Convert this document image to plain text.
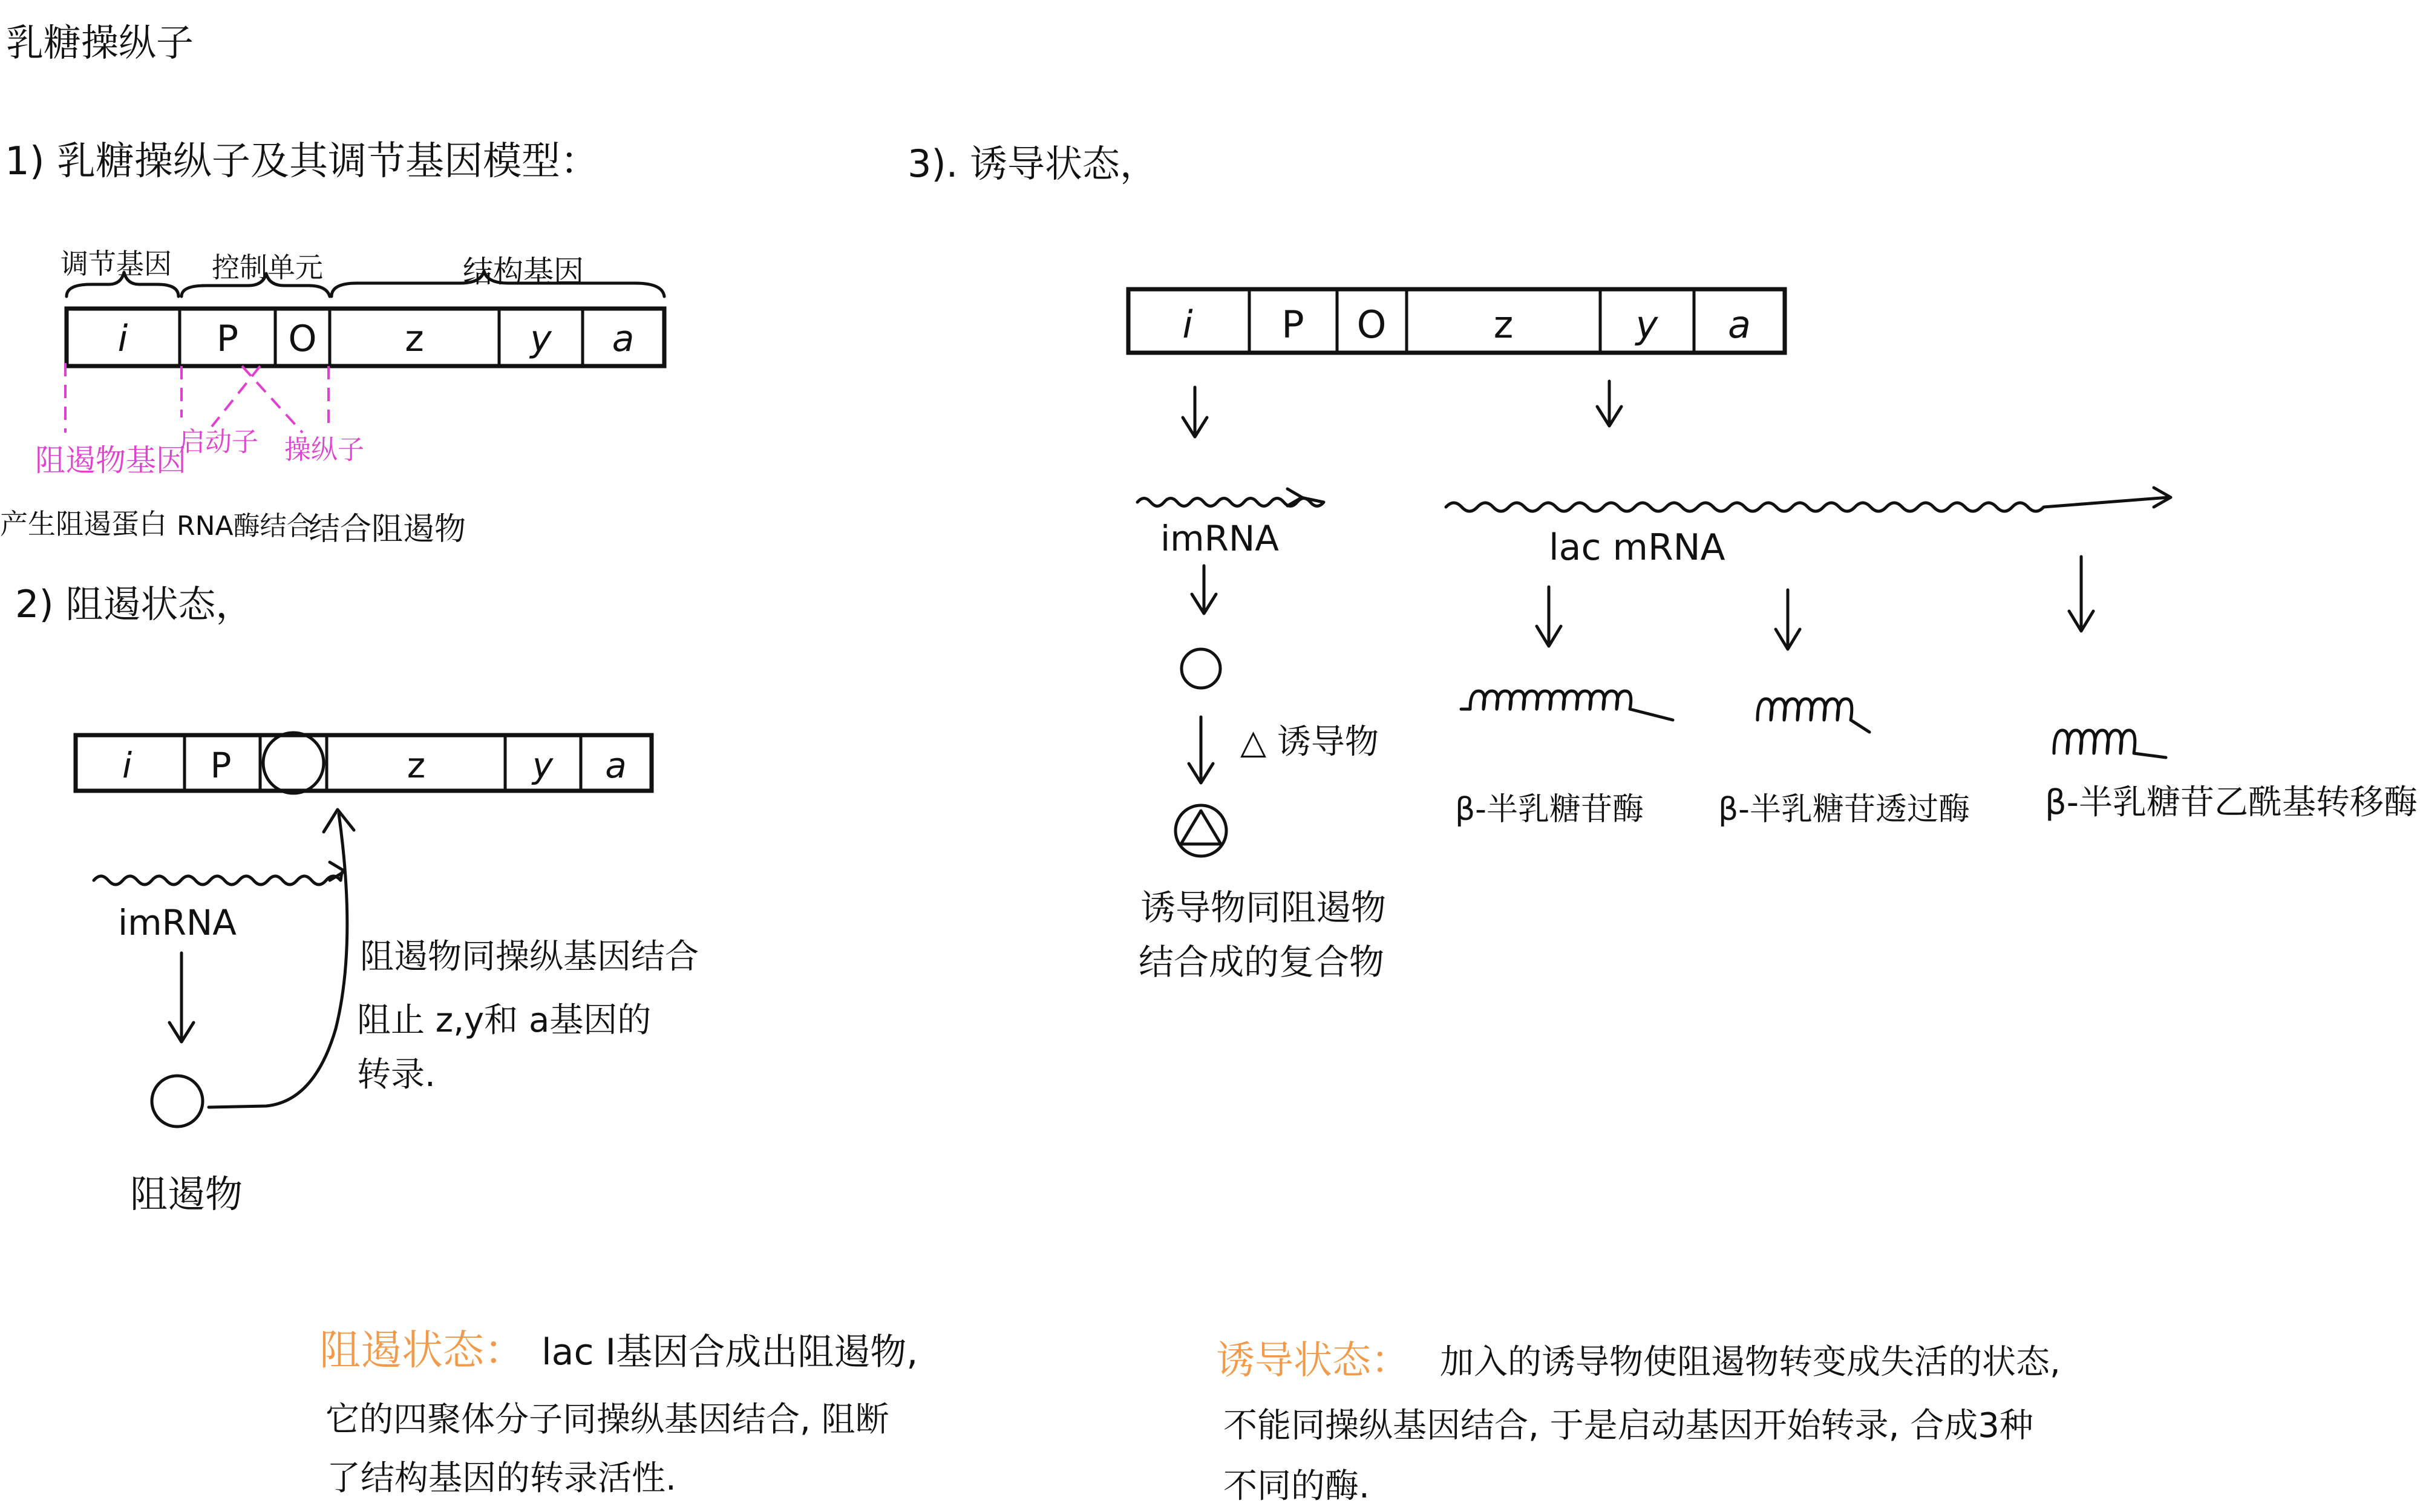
乳糖操纵子
1) 乳糖操纵子及其调节基因模型：
调节基因 控制单元	结构基因
i P O z	y a
阻遏物基因
启动子 操纵子
产生阻遏蛋白 RNA酶结合
结合阻遏物
2) 阻遏状态，
i P	z	y a
imRNA
阻遏物
阻遏物同操纵基因结合
阻止 z,y和 a基因的
转录.
3). 诱导状态，
i P O	z	y a
imRNA
△ 诱导物
诱导物同阻遏物
结合成的复合物
lac mRNA
β-半乳糖苷酶 β-半乳糖苷透过酶 β-半乳糖苷乙酰基转移酶
阻遏状态： lac I基因合成出阻遏物,
它的四聚体分子同操纵基因结合, 阻断
了结构基因的转录活性.
诱导状态： 加入的诱导物使阻遏物转变成失活的状态,
不能同操纵基因结合, 于是启动基因开始转录, 合成3种
不同的酶.
